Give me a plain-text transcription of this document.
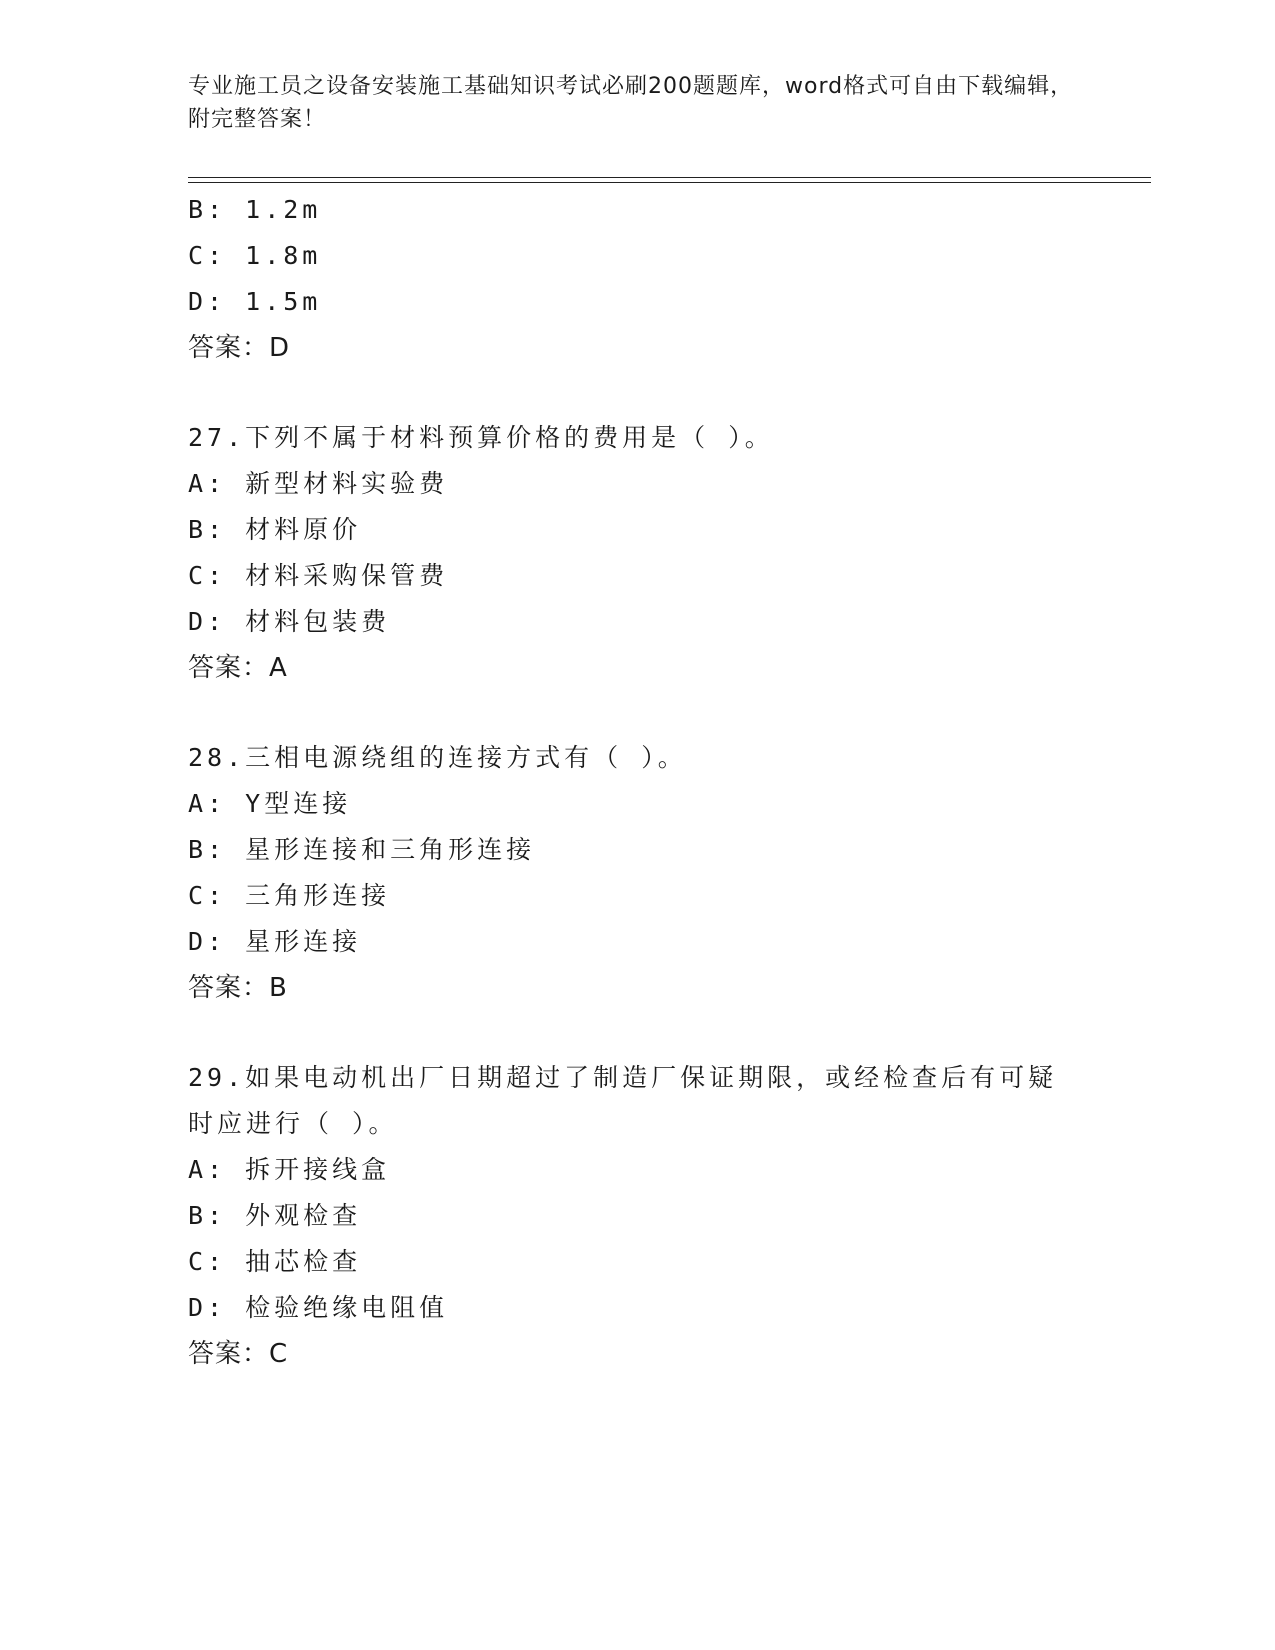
专业施工员之设备安装施工基础知识考试必刷200题题库，word格式可自由下载编辑，附完整答案！
B: 1.2m
C: 1.8m
D: 1.5m
答案：D
27.下列不属于材料预算价格的费用是（ ）。
A: 新型材料实验费
B: 材料原价
C: 材料采购保管费
D: 材料包装费
答案：A
28.三相电源绕组的连接方式有（ ）。
A: Y型连接
B: 星形连接和三角形连接
C: 三角形连接
D: 星形连接
答案：B
29.如果电动机出厂日期超过了制造厂保证期限，或经检查后有可疑时应进行（ ）。
A: 拆开接线盒
B: 外观检查
C: 抽芯检查
D: 检验绝缘电阻值
答案：C
